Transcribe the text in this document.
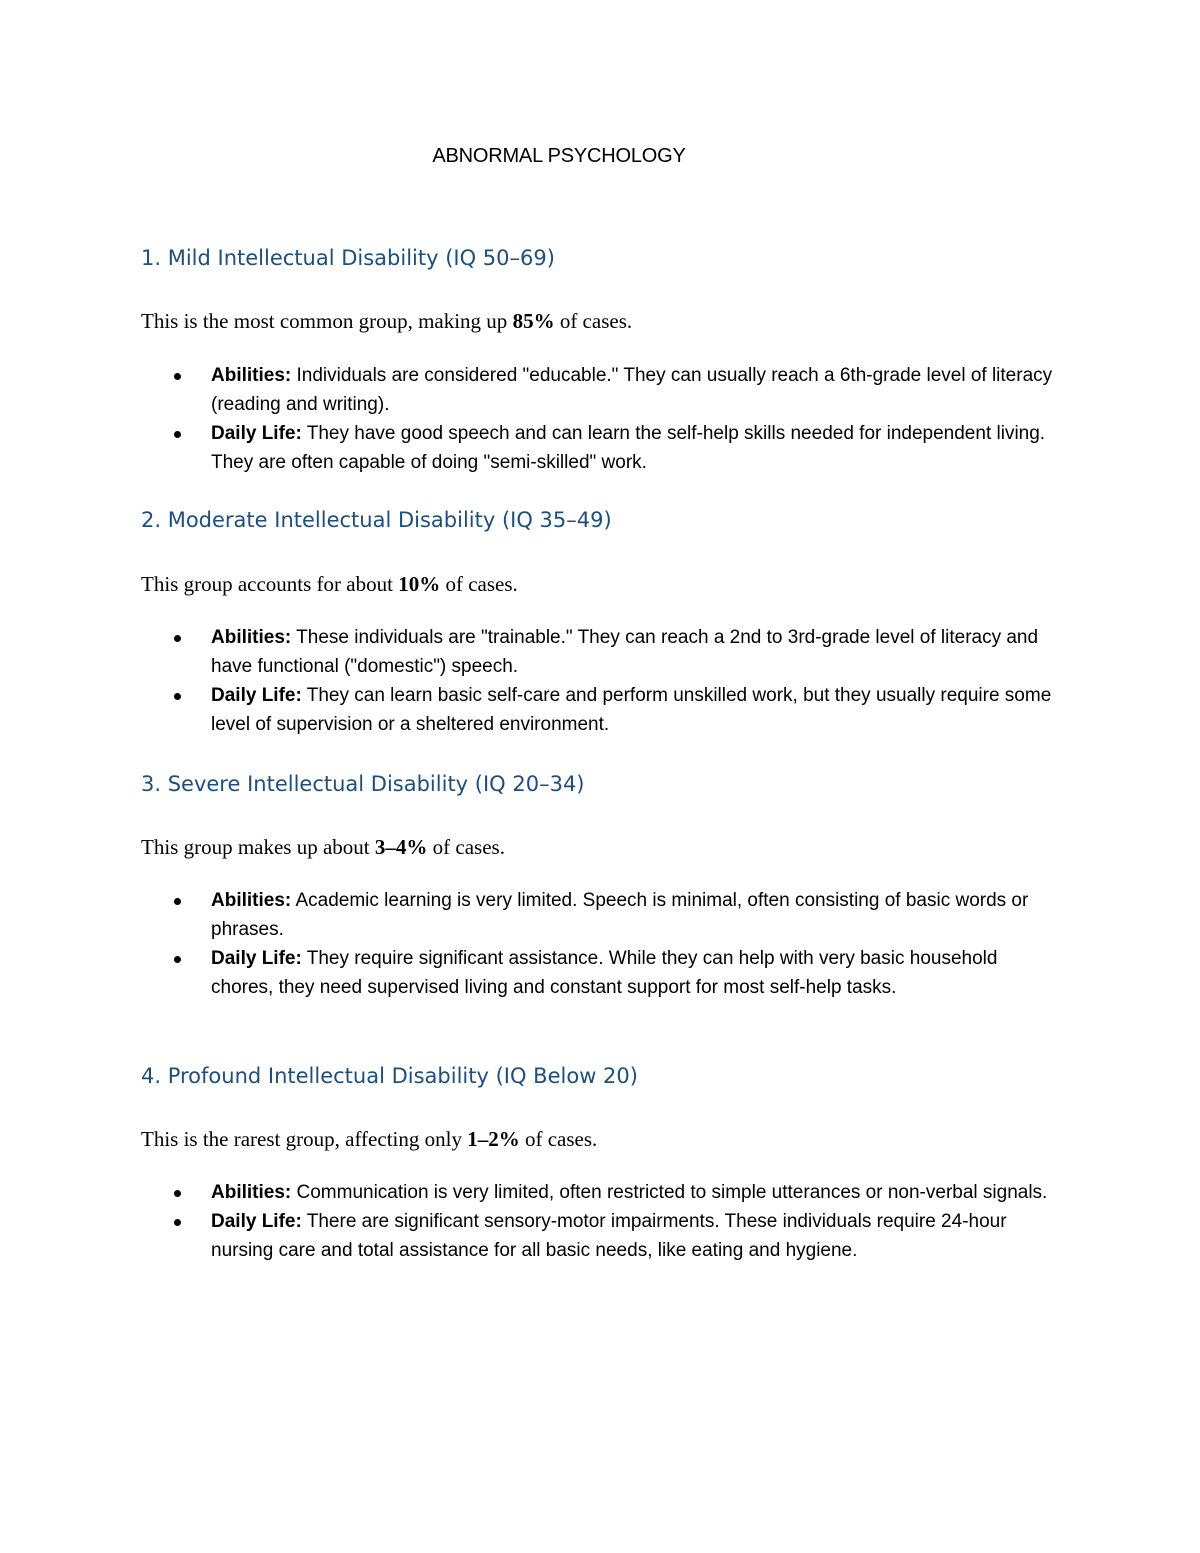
ABNORMAL PSYCHOLOGY
1. Mild Intellectual Disability (IQ 50–69)

This is the most common group, making up 85% of cases.

Abilities: Individuals are considered "educable." They can usually reach a 6th-grade level of literacy (reading and writing).
Daily Life: They have good speech and can learn the self-help skills needed for independent living. They are often capable of doing "semi-skilled" work.
2. Moderate Intellectual Disability (IQ 35–49)

This group accounts for about 10% of cases.

Abilities: These individuals are "trainable." They can reach a 2nd to 3rd-grade level of literacy and have functional ("domestic") speech.
Daily Life: They can learn basic self-care and perform unskilled work, but they usually require some level of supervision or a sheltered environment.
3. Severe Intellectual Disability (IQ 20–34)

This group makes up about 3–4% of cases.

Abilities: Academic learning is very limited. Speech is minimal, often consisting of basic words or phrases.
Daily Life: They require significant assistance. While they can help with very basic household chores, they need supervised living and constant support for most self-help tasks.
4. Profound Intellectual Disability (IQ Below 20)

This is the rarest group, affecting only 1–2% of cases.

Abilities: Communication is very limited, often restricted to simple utterances or non-verbal signals.
Daily Life: There are significant sensory-motor impairments. These individuals require 24-hour nursing care and total assistance for all basic needs, like eating and hygiene.
